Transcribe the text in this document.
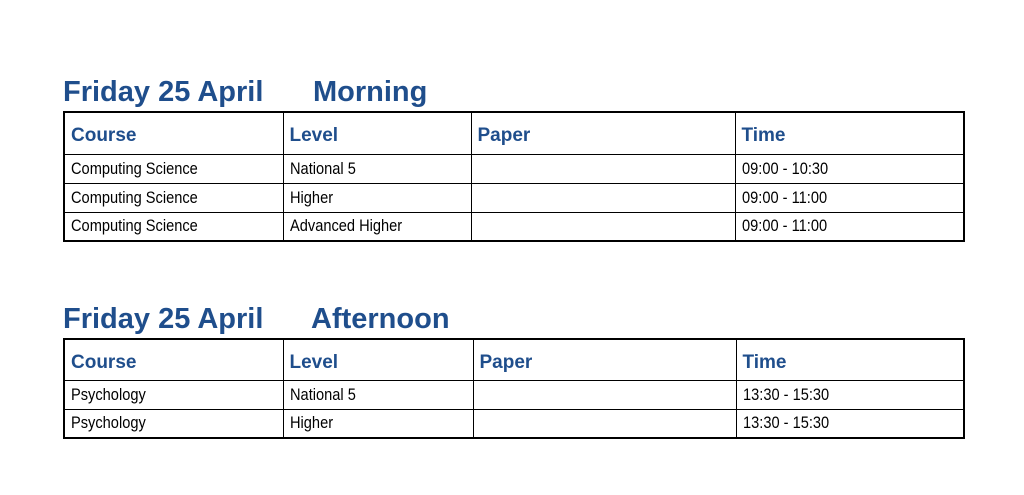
Friday 25 April Morning
Course	Level	Paper	Time
Computing Science	National 5		09:00 - 10:30
Computing Science	Higher		09:00 - 11:00
Computing Science	Advanced Higher		09:00 - 11:00
Friday 25 April Afternoon
Course	Level	Paper	Time
Psychology	National 5		13:30 - 15:30
Psychology	Higher		13:30 - 15:30
